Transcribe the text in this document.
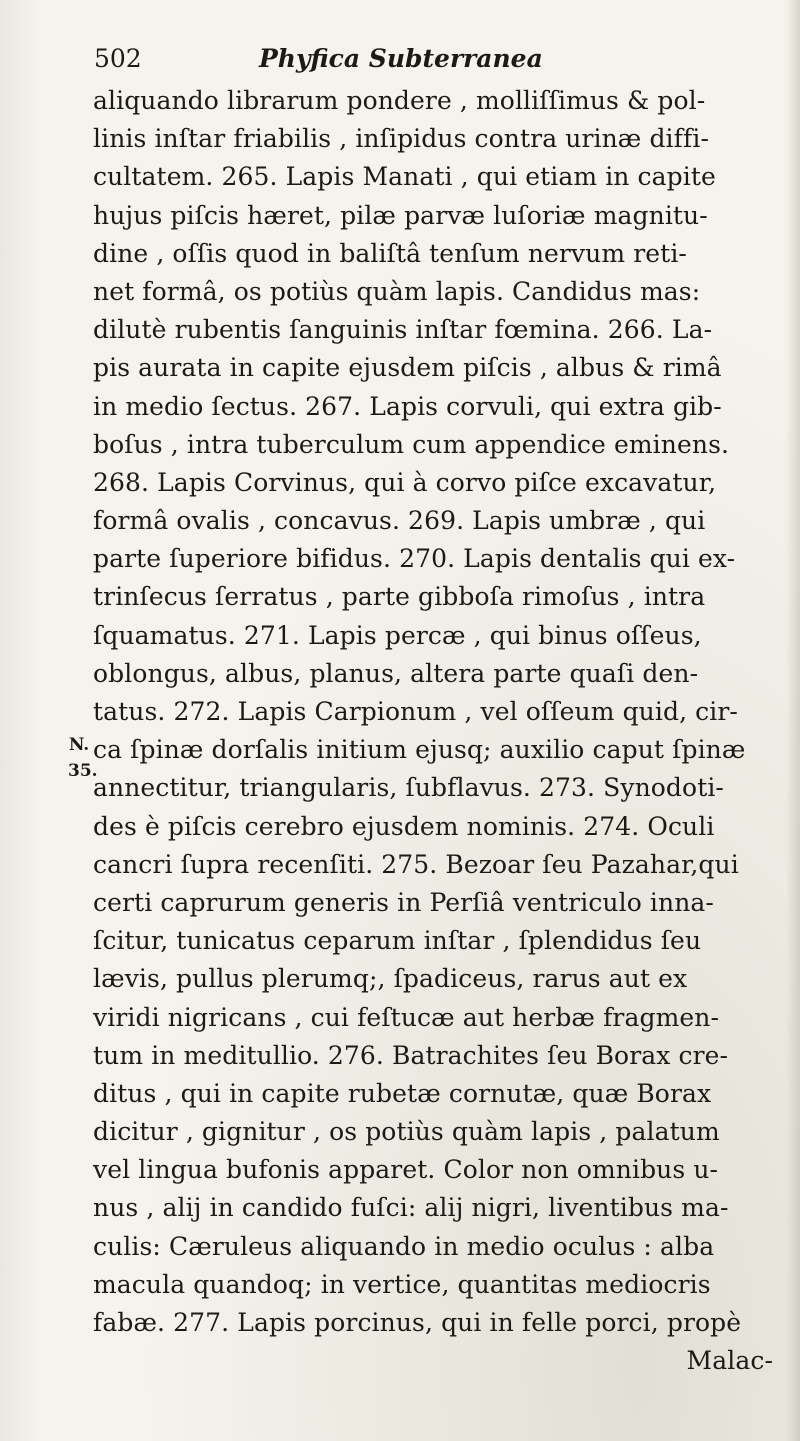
502	Phyfica Subterranea
N.
35.
aliquando librarum pondere , molliſſimus & pol-
linis inſtar friabilis , inſipidus contra urinæ diffi-
cultatem. 265. Lapis Manati , qui etiam in capite
hujus piſcis hæret, pilæ parvæ luſoriæ magnitu-
dine , oſſis quod in baliſtâ tenſum nervum reti-
net formâ, os potiùs quàm lapis. Candidus mas:
dilutè rubentis ſanguinis inſtar fœmina. 266. La-
pis aurata in capite ejusdem piſcis , albus & rimâ
in medio ſectus. 267. Lapis corvuli, qui extra gib-
boſus , intra tuberculum cum appendice eminens.
268. Lapis Corvinus, qui à corvo piſce excavatur,
formâ ovalis , concavus. 269. Lapis umbræ , qui
parte ſuperiore bifidus. 270. Lapis dentalis qui ex-
trinſecus ſerratus , parte gibboſa rimoſus , intra
ſquamatus. 271. Lapis percæ , qui binus oſſeus,
oblongus, albus, planus, altera parte quaſi den-
tatus. 272. Lapis Carpionum , vel oſſeum quid, cir-
ca ſpinæ dorſalis initium ejusq; auxilio caput ſpinæ
annectitur, triangularis, ſubflavus. 273. Synodoti-
des è piſcis cerebro ejusdem nominis. 274. Oculi
cancri ſupra recenſiti. 275. Bezoar ſeu Pazahar,qui
certi caprurum generis in Perſiâ ventriculo inna-
ſcitur, tunicatus ceparum inſtar , ſplendidus ſeu
lævis, pullus plerumq;, ſpadiceus, rarus aut ex
viridi nigricans , cui feſtucæ aut herbæ fragmen-
tum in meditullio. 276. Batrachites ſeu Borax cre-
ditus , qui in capite rubetæ cornutæ, quæ Borax
dicitur , gignitur , os potiùs quàm lapis , palatum
vel lingua bufonis apparet. Color non omnibus u-
nus , alij in candido fuſci: alij nigri, liventibus ma-
culis: Cæruleus aliquando in medio oculus : alba
macula quandoq; in vertice, quantitas mediocris
fabæ. 277. Lapis porcinus, qui in felle porci, propè
Malac-
